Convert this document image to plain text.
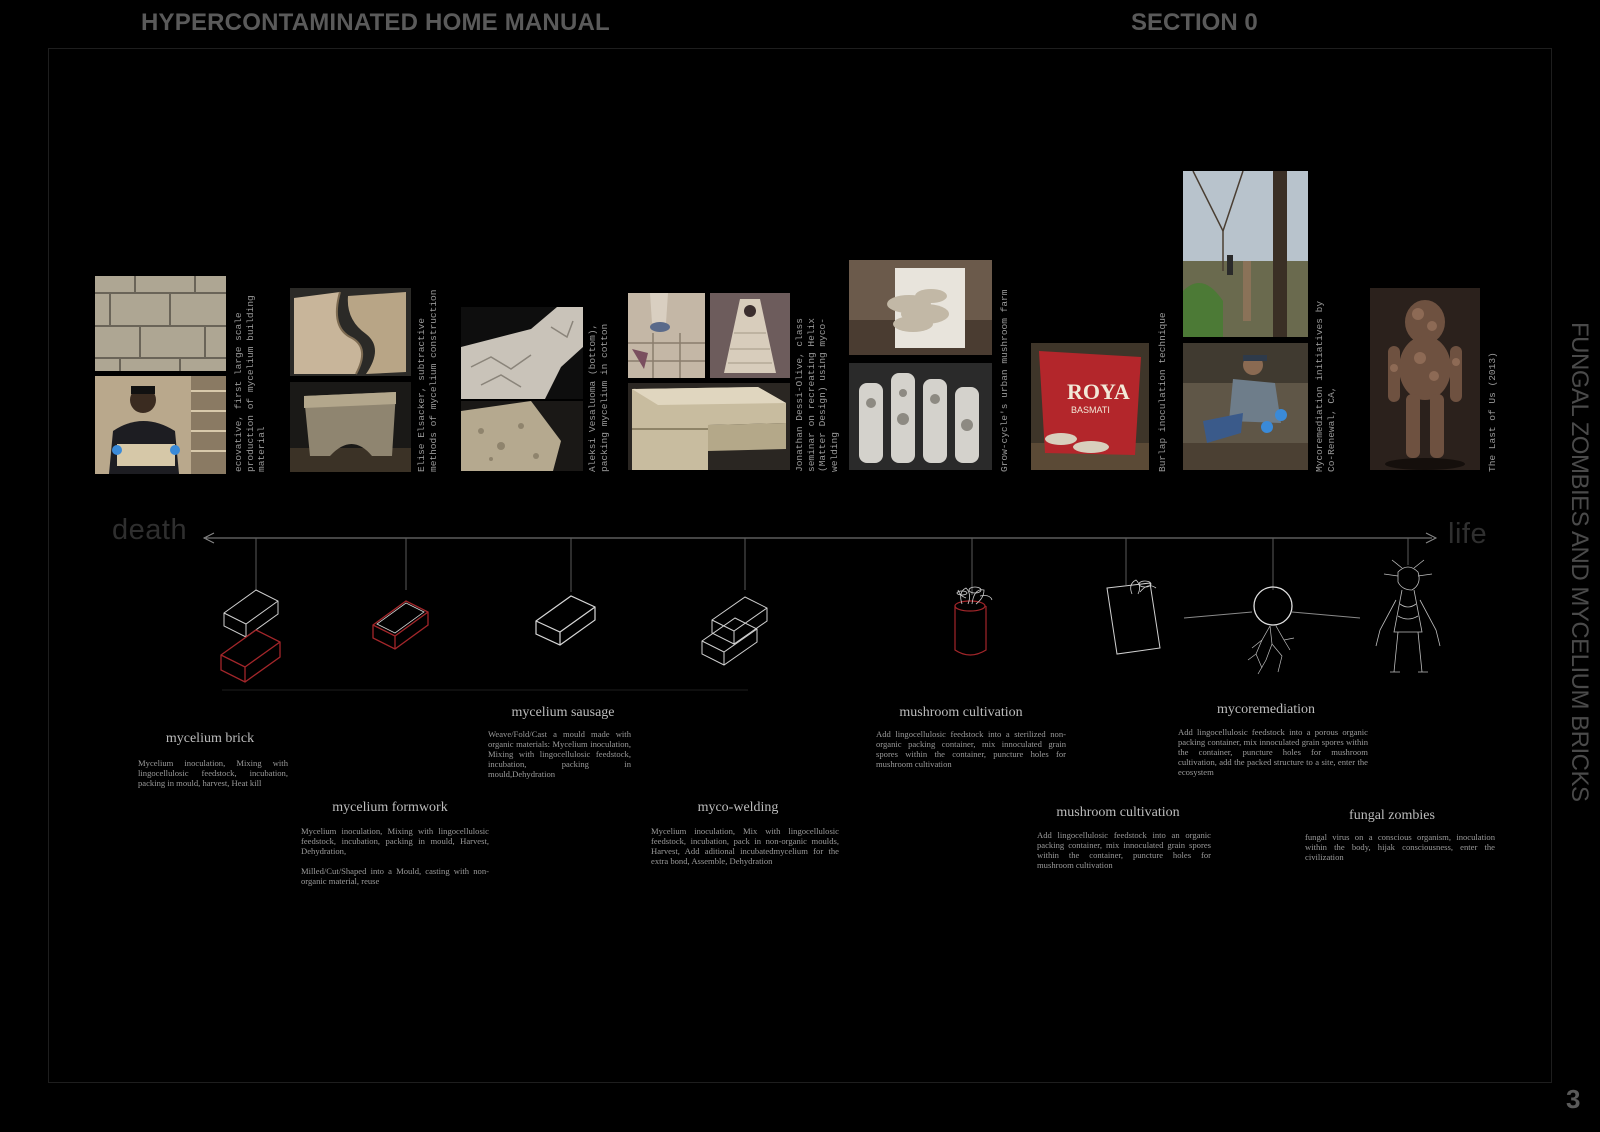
HYPERCONTAMINATED HOME MANUAL	SECTION 0
FUNGAL ZOMBIES AND MYCELIUM BRICKS
3
ecovative, first large scale production of mycelium building material	Elise Elsacker, subtractive methods of mycelium construction	Aleksi Vesaluoma (bottom), packing mycelium in cotton	Jonathan Dessi-Olive, class seminar on recreating Helix (Matter Design) using myco-welding	Grow-cycle's urban mushroom farm	ROYA
BASMATI	Burlap inoculation technique	Mycoremediation initiatives by Co-Renewal, CA,	The Last of Us (2013)
death	life
mycelium brick

Mycelium inoculation, Mixing with lingocellulosic feedstock, incubation, packing in mould, harvest, Heat kill

mycelium formwork

Mycelium inoculation, Mixing with lingocellulosic feedstock, incubation, packing in mould, Harvest, Dehydration,

Milled/Cut/Shaped into a Mould, casting with non-organic material, reuse

mycelium sausage

Weave/Fold/Cast a mould made with organic materials: Mycelium inoculation, Mixing with lingocellulosic feedstock, incubation, packing in mould,Dehydration

myco-welding

Mycelium inoculation, Mix with lingocellulosic feedstock, incubation, pack in non-organic moulds, Harvest, Add aditional incubatedmycelium for the extra bond, Assemble, Dehydration

mushroom cultivation

Add lingocellulosic feedstock into a sterilized non-organic packing container, mix innoculated grain spores within the container, puncture holes for mushroom cultivation

mushroom cultivation

Add lingocellulosic feedstock into an organic packing container, mix innoculated grain spores within the container, puncture holes for mushroom cultivation

mycoremediation

Add lingocellulosic feedstock into a porous organic packing container, mix innoculated grain spores within the container, puncture holes for mushroom cultivation, add the packed structure to a site, enter the ecosystem

fungal zombies

fungal virus on a conscious organism, inoculation within the body, hijak consciousness, enter the civilization
